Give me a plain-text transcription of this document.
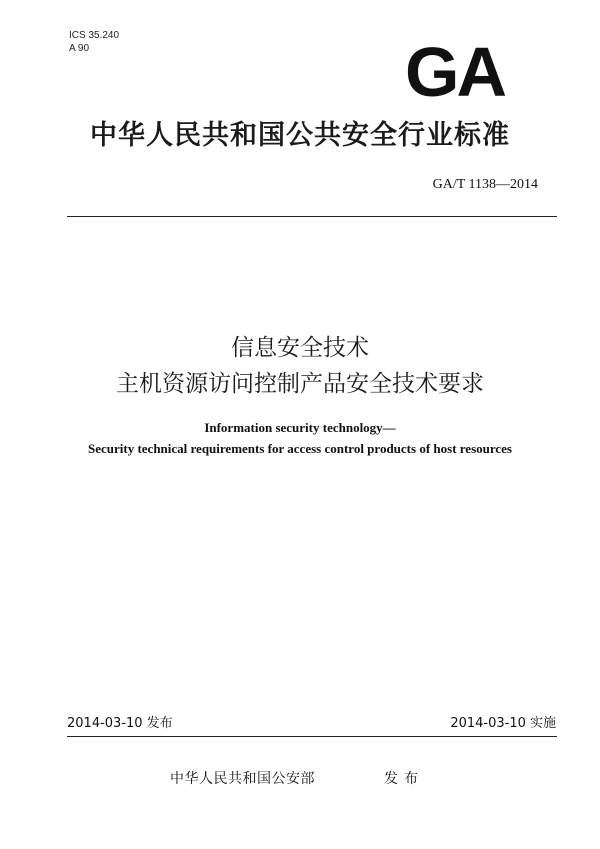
ICS 35.240
A 90	GA
中华人民共和国公共安全行业标准
GA/T 1138—2014
信息安全技术
主机资源访问控制产品安全技术要求
Information security technology—
Security technical requirements for access control products of host resources
2014-03-10 发布	2014-03-10 实施
中华人民共和国公安部	发布
